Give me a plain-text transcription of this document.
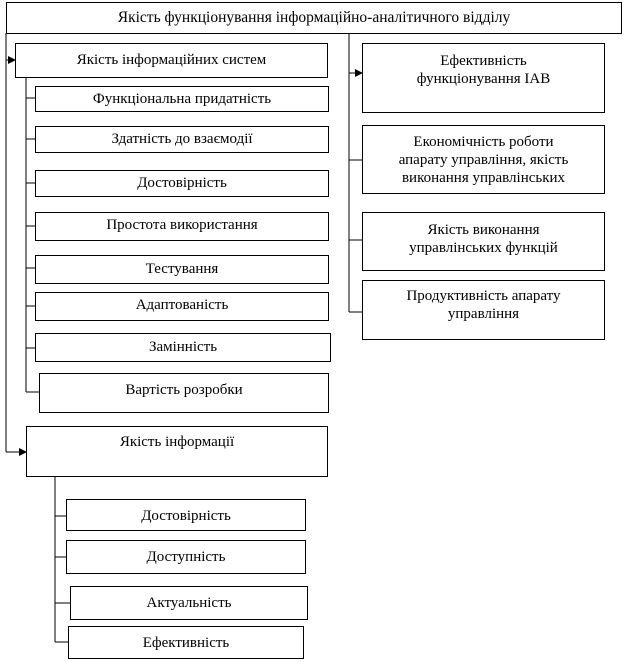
Якість функціонування інформаційно-аналітичного відділу
Якість інформаційних систем
Функціональна придатність
Здатність до взаємодії
Достовірність
Простота використання
Тестування
Адаптованість
Замінність
Вартість розробки
Якість інформації
Достовірність
Доступність
Актуальність
Ефективність
Ефективність
функціонування ІАВ
Економічність роботи
апарату управління, якість
виконання управлінських
Якість виконання
управлінських функцій
Продуктивність апарату
управління
